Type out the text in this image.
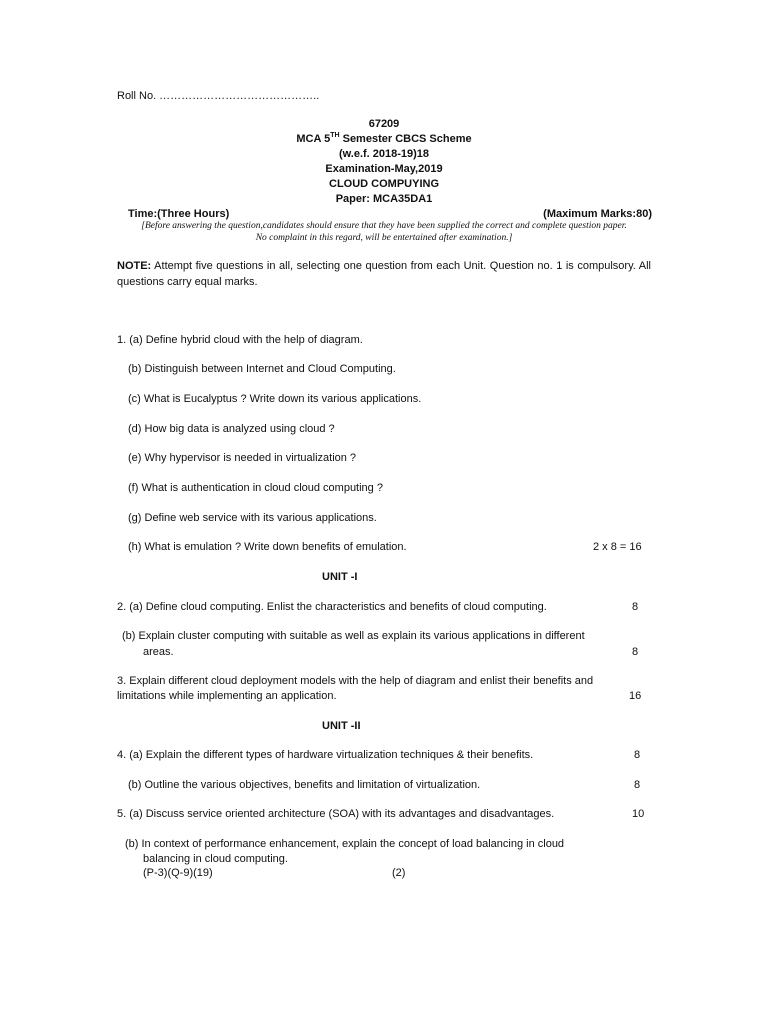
Roll No. ……………………………………..
67209
MCA 5TH Semester CBCS Scheme
(w.e.f. 2018-19)18
Examination-May,2019
CLOUD COMPUYING
Paper: MCA35DA1
Time:(Three Hours)	(Maximum Marks:80)
[Before answering the question,candidates should ensure that they have been supplied the correct and complete question paper.
No complaint in this regard, will be entertained after examination.]
NOTE: Attempt five questions in all, selecting one question from each Unit. Question no. 1 is compulsory. All questions carry equal marks.
1. (a) Define hybrid cloud with the help of diagram.
(b) Distinguish between Internet and Cloud Computing.
(c) What is Eucalyptus ? Write down its various applications.
(d) How big data is analyzed using cloud ?
(e) Why hypervisor is needed in virtualization ?
(f) What is authentication in cloud cloud computing ?
(g) Define web service with its various applications.
(h) What is emulation ? Write down benefits of emulation.	2 x 8 = 16
UNIT -I
2. (a) Define cloud computing. Enlist the characteristics and benefits of cloud computing.	8
(b) Explain cluster computing with suitable as well as explain its various applications in different
areas.	8
3. Explain different cloud deployment models with the help of diagram and enlist their benefits and
limitations while implementing an application.	16
UNIT -II
4. (a) Explain the different types of hardware virtualization techniques & their benefits.	8
(b) Outline the various objectives, benefits and limitation of virtualization.	8
5. (a) Discuss service oriented architecture (SOA) with its advantages and disadvantages.	10
(b) In context of performance enhancement, explain the concept of load balancing in cloud
balancing in cloud computing.
(P-3)(Q-9)(19)	(2)
